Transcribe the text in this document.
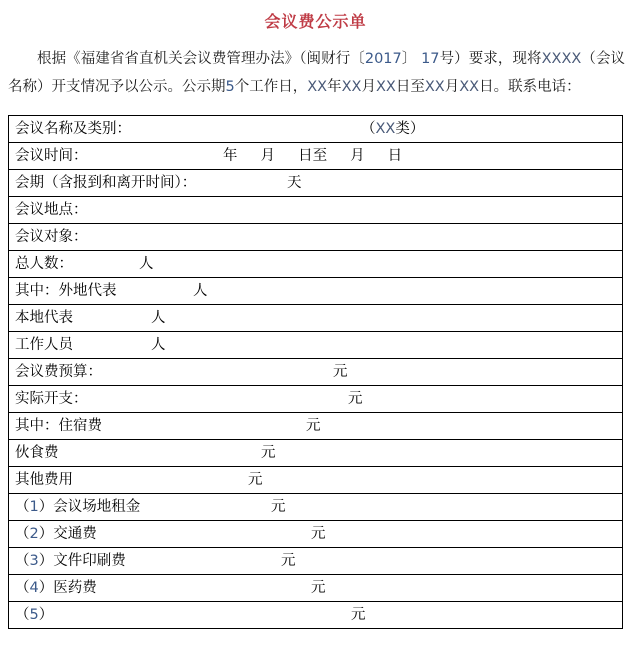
会议费公示单

根据《福建省省直机关会议费管理办法》（闽财行〔2017〕 17号）要求，现将XXXX（会议名称）开支情况予以公示。公示期5个工作日，XX年XX月XX日至XX月XX日。联系电话：

会议名称及类别：	（XX类）

会议时间：	年     月     日至     月     日

会期（含报到和离开时间）：	天

会议地点：

会议对象：

总人数：	人

其中：外地代表	人

本地代表	人

工作人员	人

会议费预算：	元

实际开支：	元

其中：住宿费	元

伙食费	元

其他费用	元

（1）会议场地租金	元

（2）交通费	元

（3）文件印刷费	元

（4）医药费	元

（5）	元
